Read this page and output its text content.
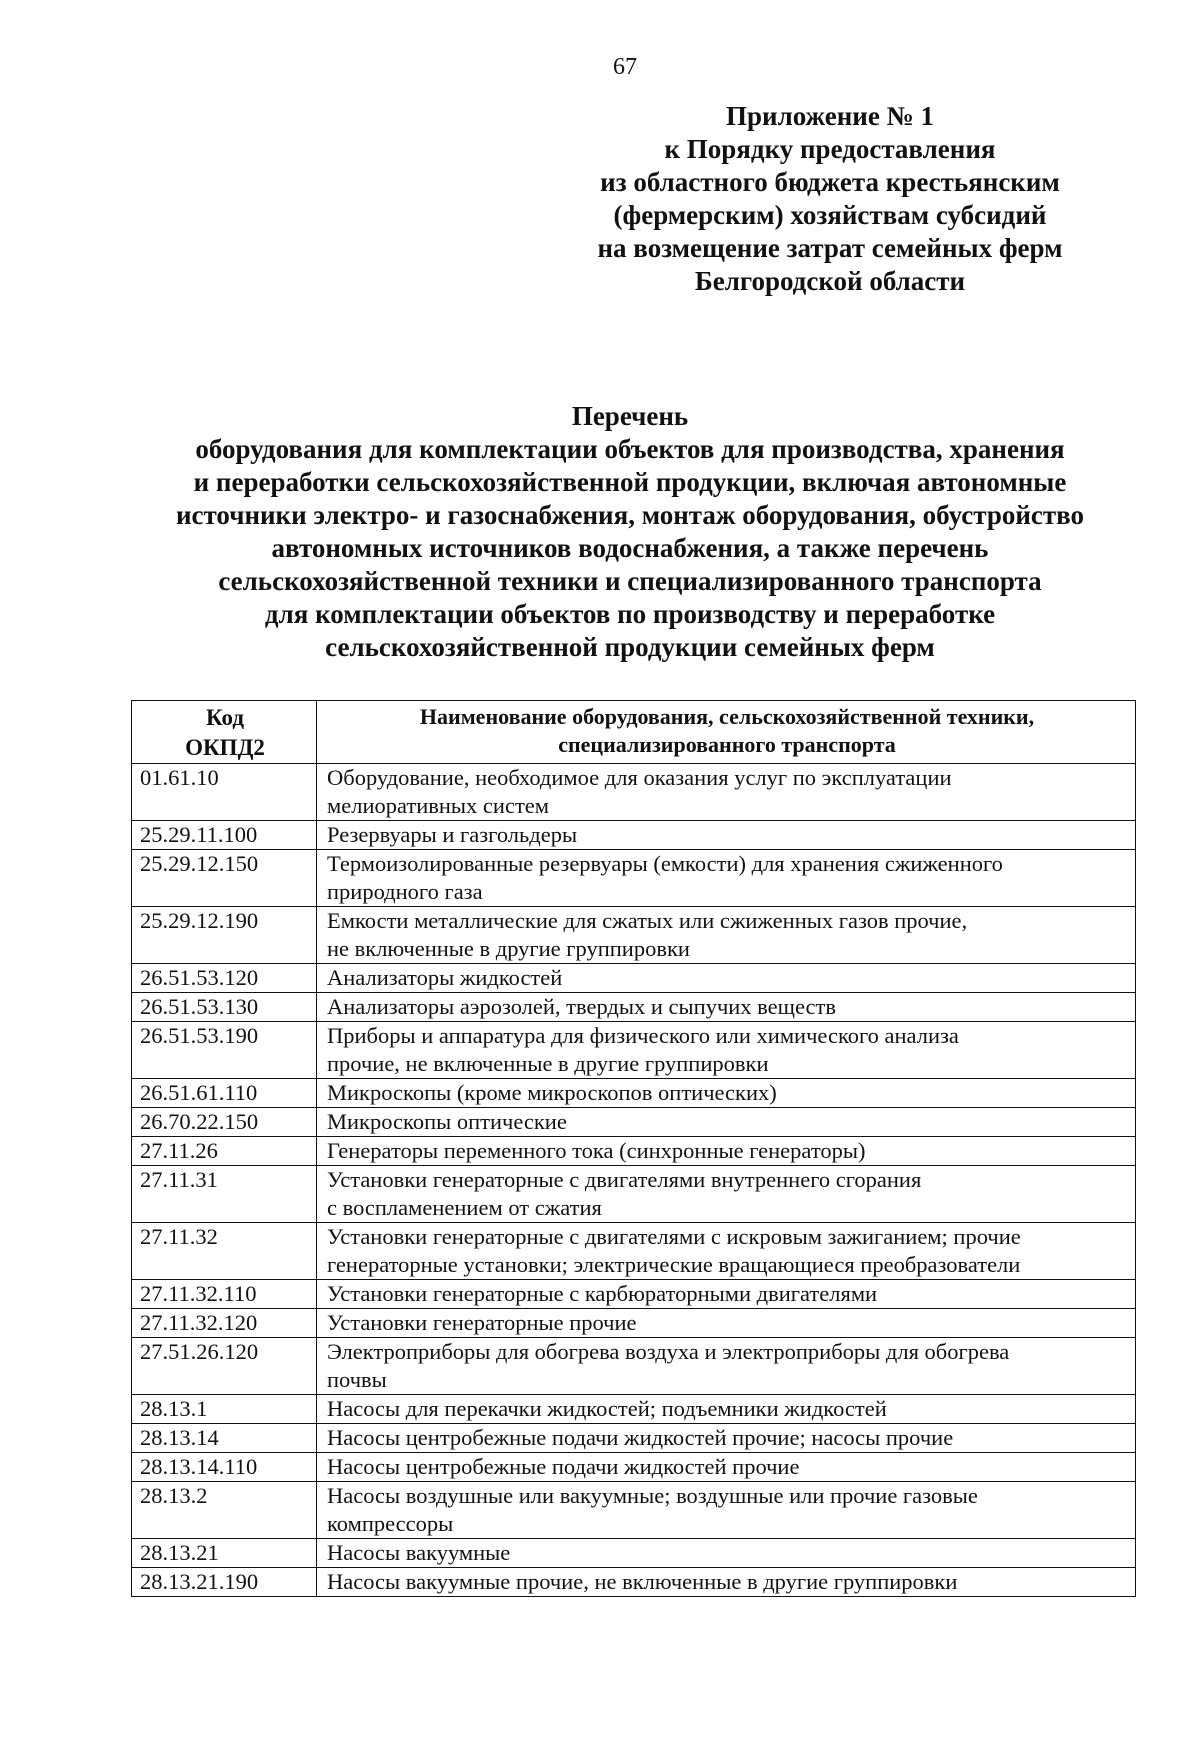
67
Приложение № 1
к Порядку предоставления
из областного бюджета крестьянским
(фермерским) хозяйствам субсидий
на возмещение затрат семейных ферм
Белгородской области
Перечень
оборудования для комплектации объектов для производства, хранения
и переработки сельскохозяйственной продукции, включая автономные
источники электро- и газоснабжения, монтаж оборудования, обустройство
автономных источников водоснабжения, а также перечень
сельскохозяйственной техники и специализированного транспорта
для комплектации объектов по производству и переработке
сельскохозяйственной продукции семейных ферм
Код
ОКПД2	Наименование оборудования, сельскохозяйственной техники,
специализированного транспорта

01.61.10	Оборудование, необходимое для оказания услуг по эксплуатации
мелиоративных систем

25.29.11.100	Резервуары и газгольдеры

25.29.12.150	Термоизолированные резервуары (емкости) для хранения сжиженного
природного газа

25.29.12.190	Емкости металлические для сжатых или сжиженных газов прочие,
не включенные в другие группировки

26.51.53.120	Анализаторы жидкостей

26.51.53.130	Анализаторы аэрозолей, твердых и сыпучих веществ

26.51.53.190	Приборы и аппаратура для физического или химического анализа
прочие, не включенные в другие группировки

26.51.61.110	Микроскопы (кроме микроскопов оптических)

26.70.22.150	Микроскопы оптические

27.11.26	Генераторы переменного тока (синхронные генераторы)

27.11.31	Установки генераторные с двигателями внутреннего сгорания
с воспламенением от сжатия

27.11.32	Установки генераторные с двигателями с искровым зажиганием; прочие
генераторные установки; электрические вращающиеся преобразователи

27.11.32.110	Установки генераторные с карбюраторными двигателями

27.11.32.120	Установки генераторные прочие

27.51.26.120	Электроприборы для обогрева воздуха и электроприборы для обогрева
почвы

28.13.1	Насосы для перекачки жидкостей; подъемники жидкостей

28.13.14	Насосы центробежные подачи жидкостей прочие; насосы прочие

28.13.14.110	Насосы центробежные подачи жидкостей прочие

28.13.2	Насосы воздушные или вакуумные; воздушные или прочие газовые
компрессоры

28.13.21	Насосы вакуумные

28.13.21.190	Насосы вакуумные прочие, не включенные в другие группировки
